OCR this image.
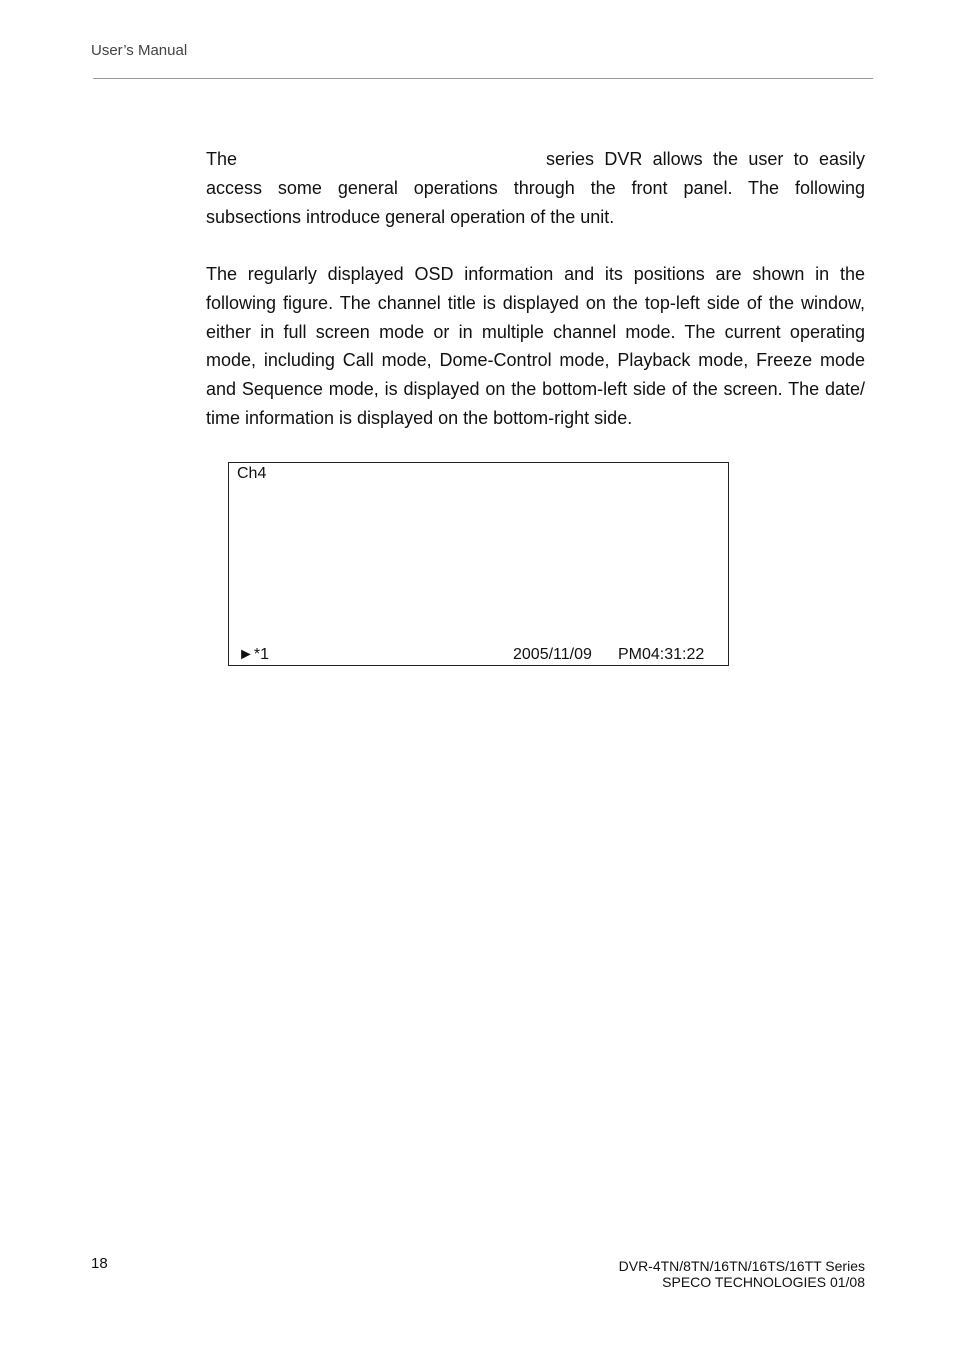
User’s Manual

The	series DVR allows the user to easily access some general operations through the front panel. The following subsections introduce general operation of the unit.

The regularly displayed OSD information and its positions are shown in the following figure. The channel title is displayed on the top-left side of the window, either in full screen mode or in multiple channel mode. The current operating mode, including Call mode, Dome-Control mode, Playback mode, Freeze mode and Sequence mode, is displayed on the bottom-left side of the screen. The date/ time information is displayed on the bottom-right side.

Ch4
►*1	2005/11/09 PM04:31:22
18	DVR-4TN/8TN/16TN/16TS/16TT Series
SPECO TECHNOLOGIES 01/08
